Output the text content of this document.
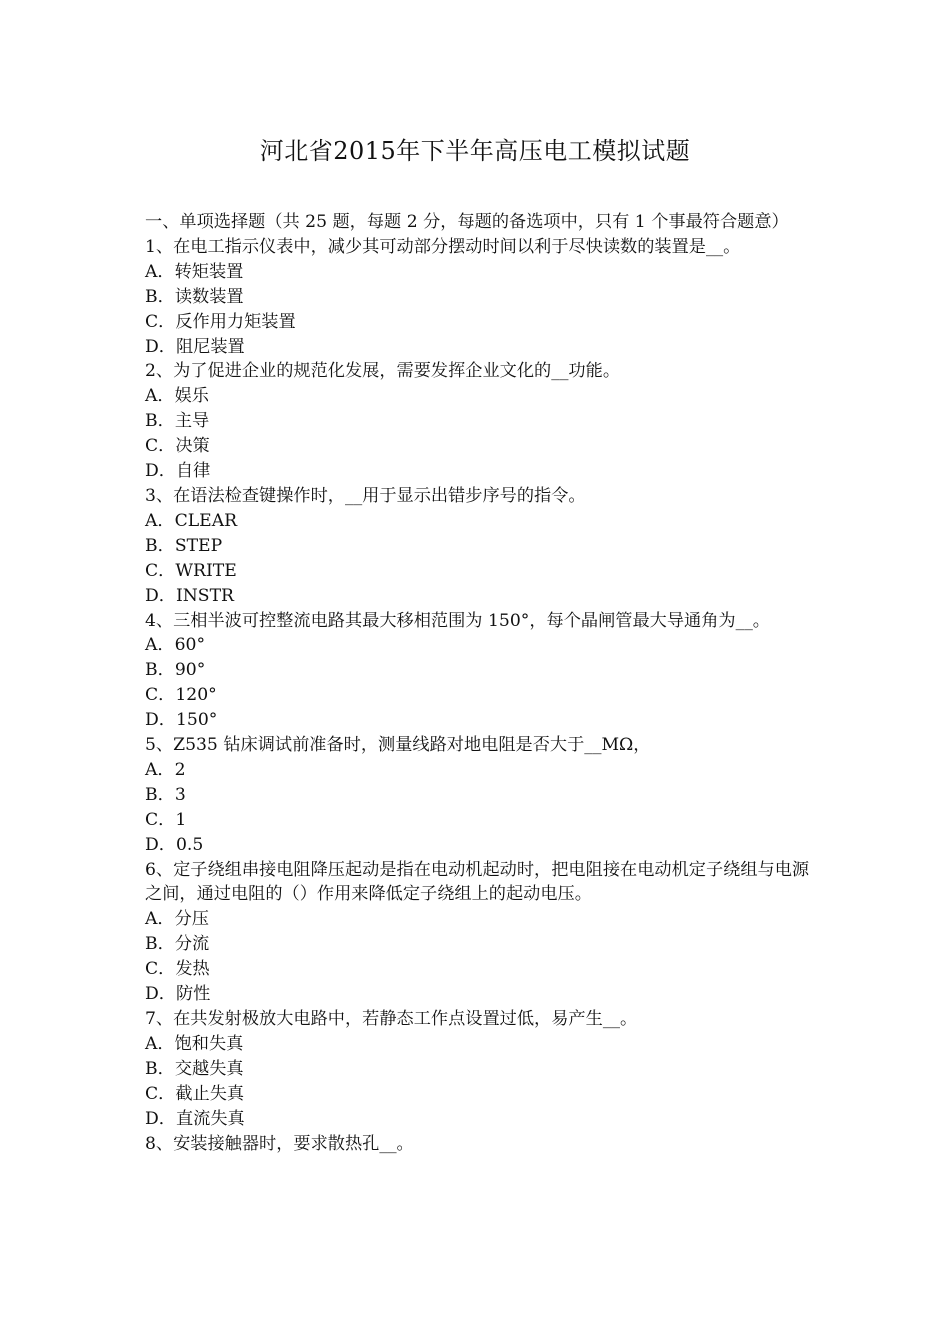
河北省2015年下半年高压电工模拟试题
一、单项选择题（共 25 题，每题 2 分，每题的备选项中，只有 1 个事最符合题意）
1、在电工指示仪表中，减少其可动部分摆动时间以利于尽快读数的装置是__。
A．转矩装置
B．读数装置
C．反作用力矩装置
D．阻尼装置
2、为了促进企业的规范化发展，需要发挥企业文化的__功能。
A．娱乐
B．主导
C．决策
D．自律
3、在语法检查键操作时，__用于显示出错步序号的指令。
A．CLEAR
B．STEP
C．WRITE
D．INSTR
4、三相半波可控整流电路其最大移相范围为 150°，每个晶闸管最大导通角为__。
A．60°
B．90°
C．120°
D．150°
5、Z535 钻床调试前准备时，测量线路对地电阻是否大于__MΩ，
A．2
B．3
C．1
D．0.5
6、定子绕组串接电阻降压起动是指在电动机起动时，把电阻接在电动机定子绕组与电源之间，通过电阻的（）作用来降低定子绕组上的起动电压。
A．分压
B．分流
C．发热
D．防性
7、在共发射极放大电路中，若静态工作点设置过低，易产生__。
A．饱和失真
B．交越失真
C．截止失真
D．直流失真
8、安装接触器时，要求散热孔__。
